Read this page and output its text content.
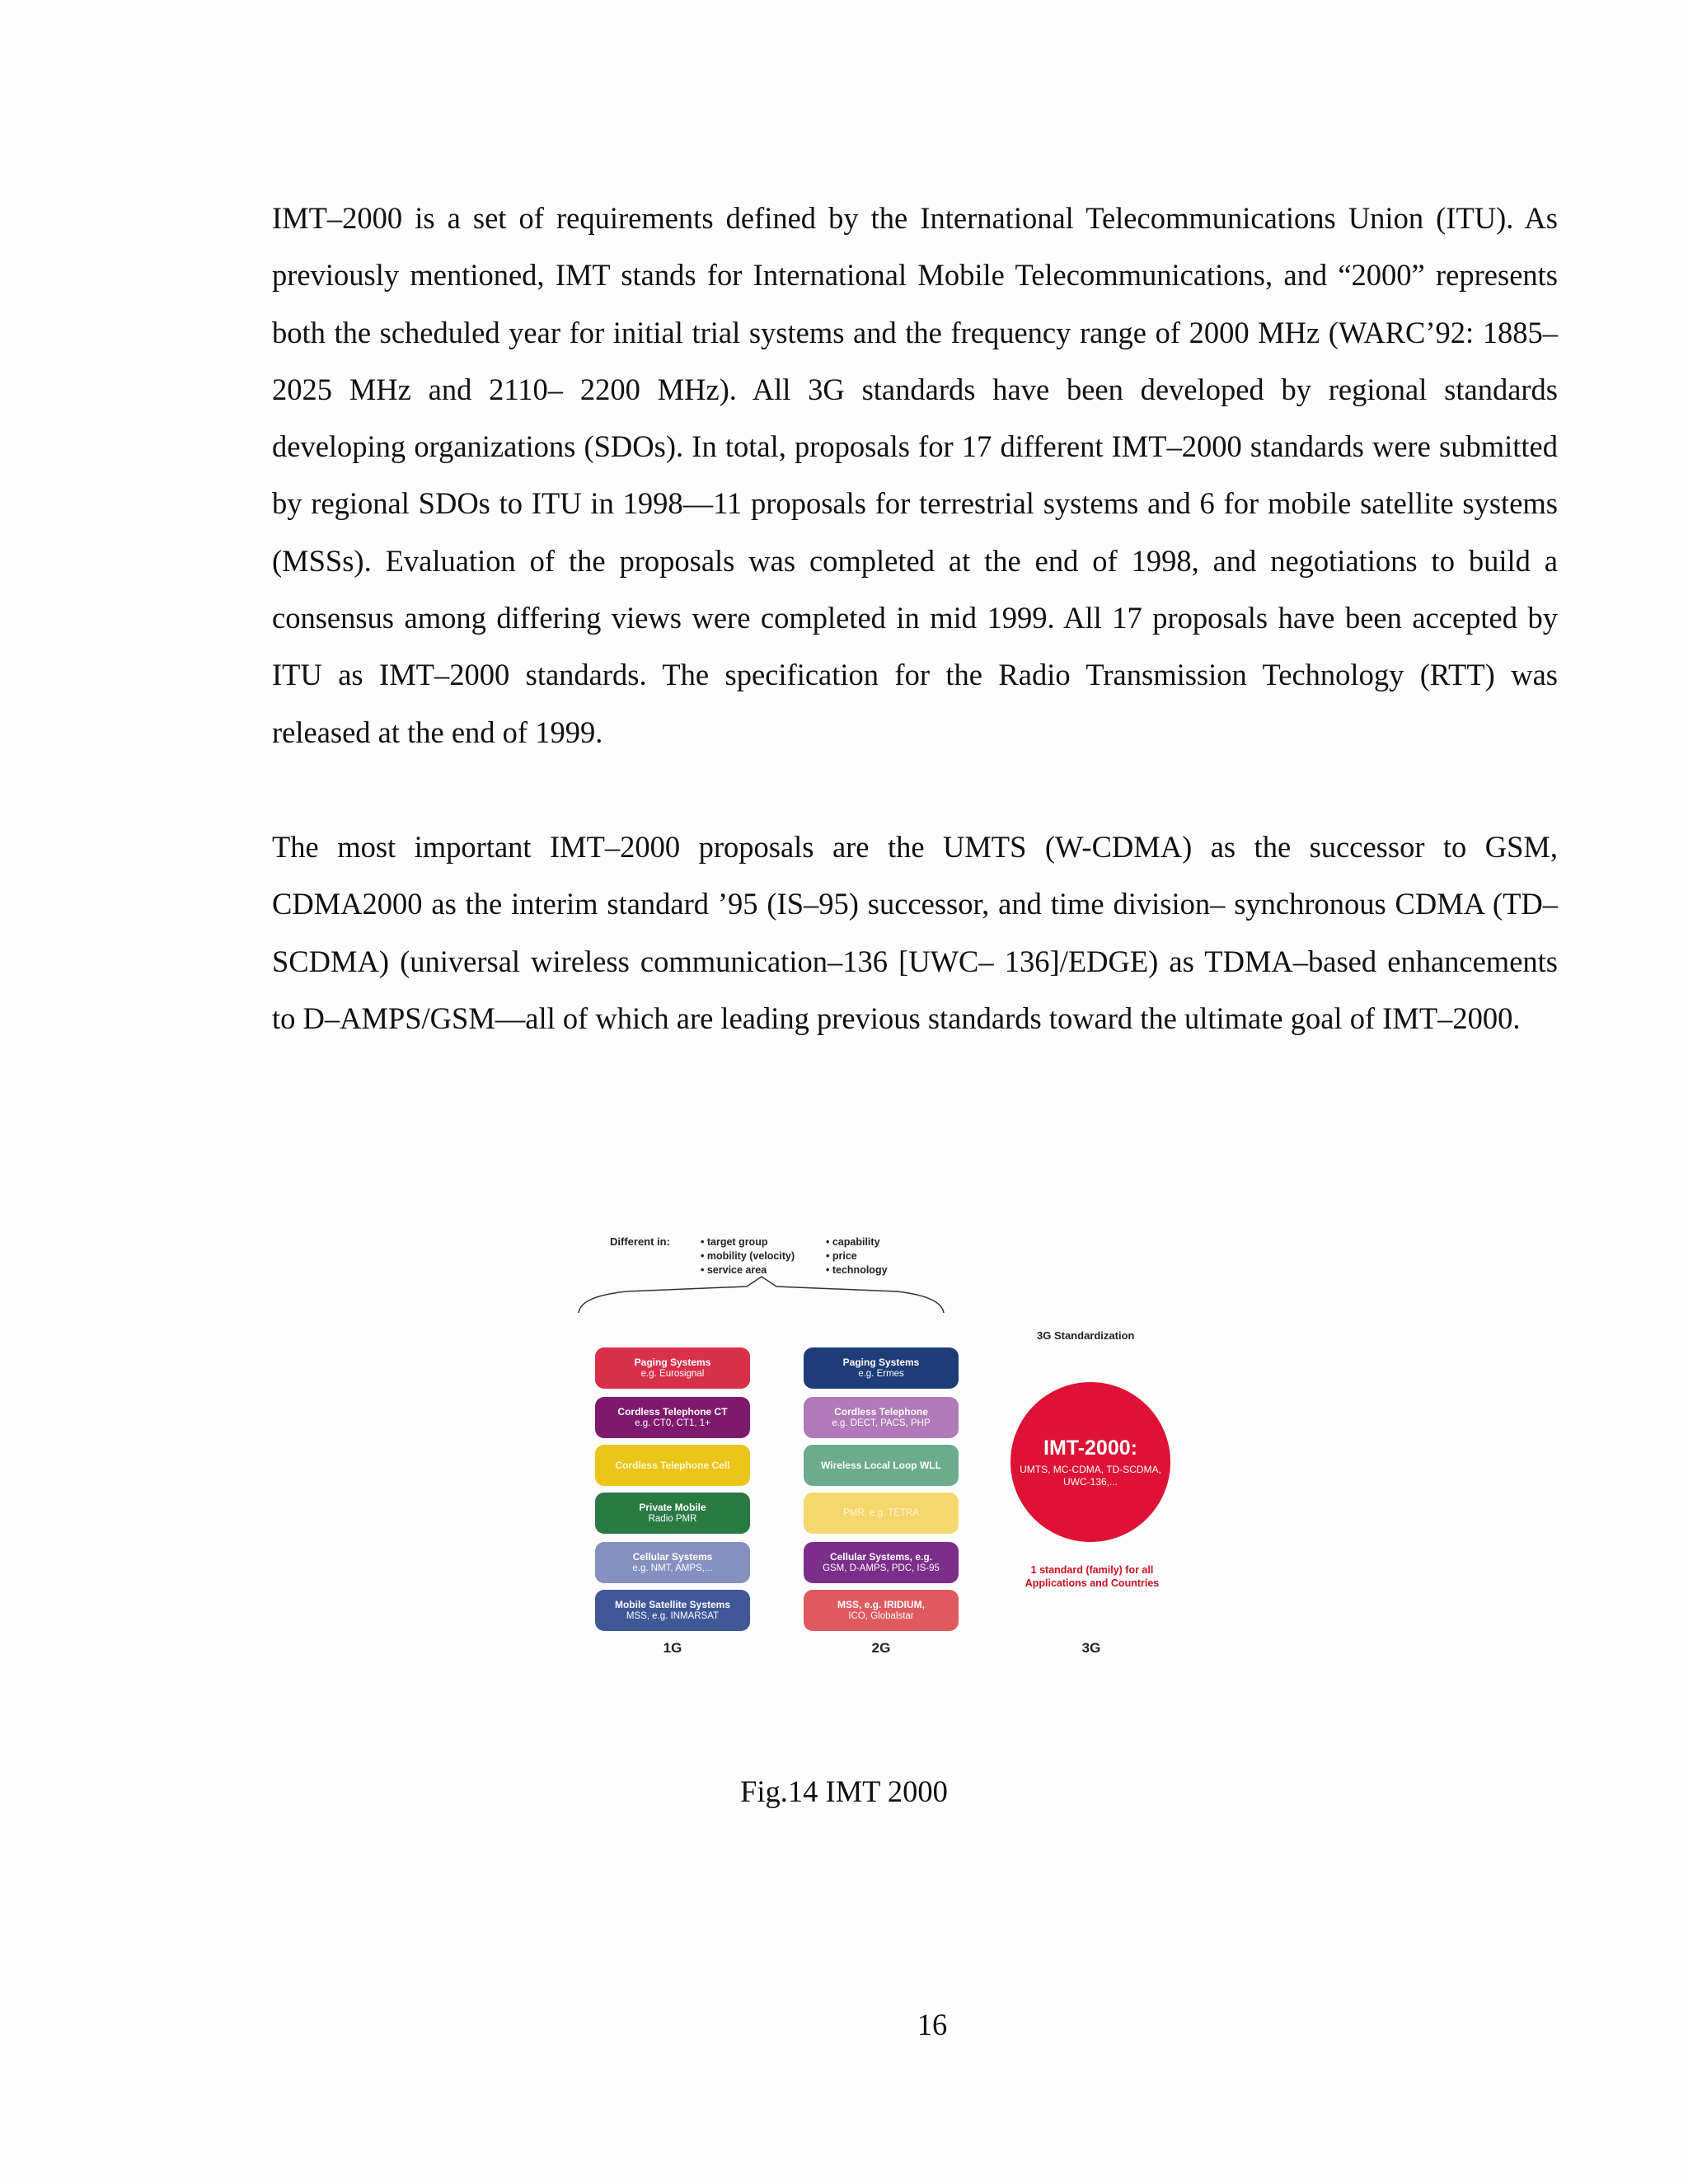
IMT–2000 is a set of requirements defined by the International Telecommunications Union (ITU). As previously mentioned, IMT stands for International Mobile Telecommunications, and “2000” represents both the scheduled year for initial trial systems and the frequency range of 2000 MHz (WARC’92: 1885–2025 MHz and 2110– 2200 MHz). All 3G standards have been developed by regional standards developing organizations (SDOs). In total, proposals for 17 different IMT–2000 standards were submitted by regional SDOs to ITU in 1998—11 proposals for terrestrial systems and 6 for mobile satellite systems (MSSs). Evaluation of the proposals was completed at the end of 1998, and negotiations to build a consensus among differing views were completed in mid 1999. All 17 proposals have been accepted by ITU as IMT–2000 standards. The specification for the Radio Transmission Technology (RTT) was released at the end of 1999.

The most important IMT–2000 proposals are the UMTS (W-CDMA) as the successor to GSM, CDMA2000 as the interim standard ’95 (IS–95) successor, and time division– synchronous CDMA (TD–SCDMA) (universal wireless communication–136 [UWC– 136]/EDGE) as TDMA–based enhancements to D–AMPS/GSM—all of which are leading previous standards toward the ultimate goal of IMT–2000.

Different in:
•	target group
• mobility (velocity)
• service area
• capability
• price
• technology
Paging Systems
e.g. Eurosignal
Cordless Telephone CT
e.g. CT0, CT1, 1+
Cordless Telephone Cell
Private Mobile
Radio PMR
Cellular Systems
e.g. NMT, AMPS,...
Mobile Satellite Systems
MSS, e.g. INMARSAT
Paging Systems
e.g. Ermes
Cordless Telephone
e.g. DECT, PACS, PHP
Wireless Local Loop WLL
PMR, e.g. TETRA
Cellular Systems, e.g.
GSM, D-AMPS, PDC, IS-95
MSS, e.g. IRIDIUM,
ICO, Globalstar
3G Standardization
IMT-2000:
UMTS, MC-CDMA, TD-SCDMA, UWC-136,...
1 standard (family) for all Applications and Countries
1G	2G	3G
Fig.14 IMT 2000
16
